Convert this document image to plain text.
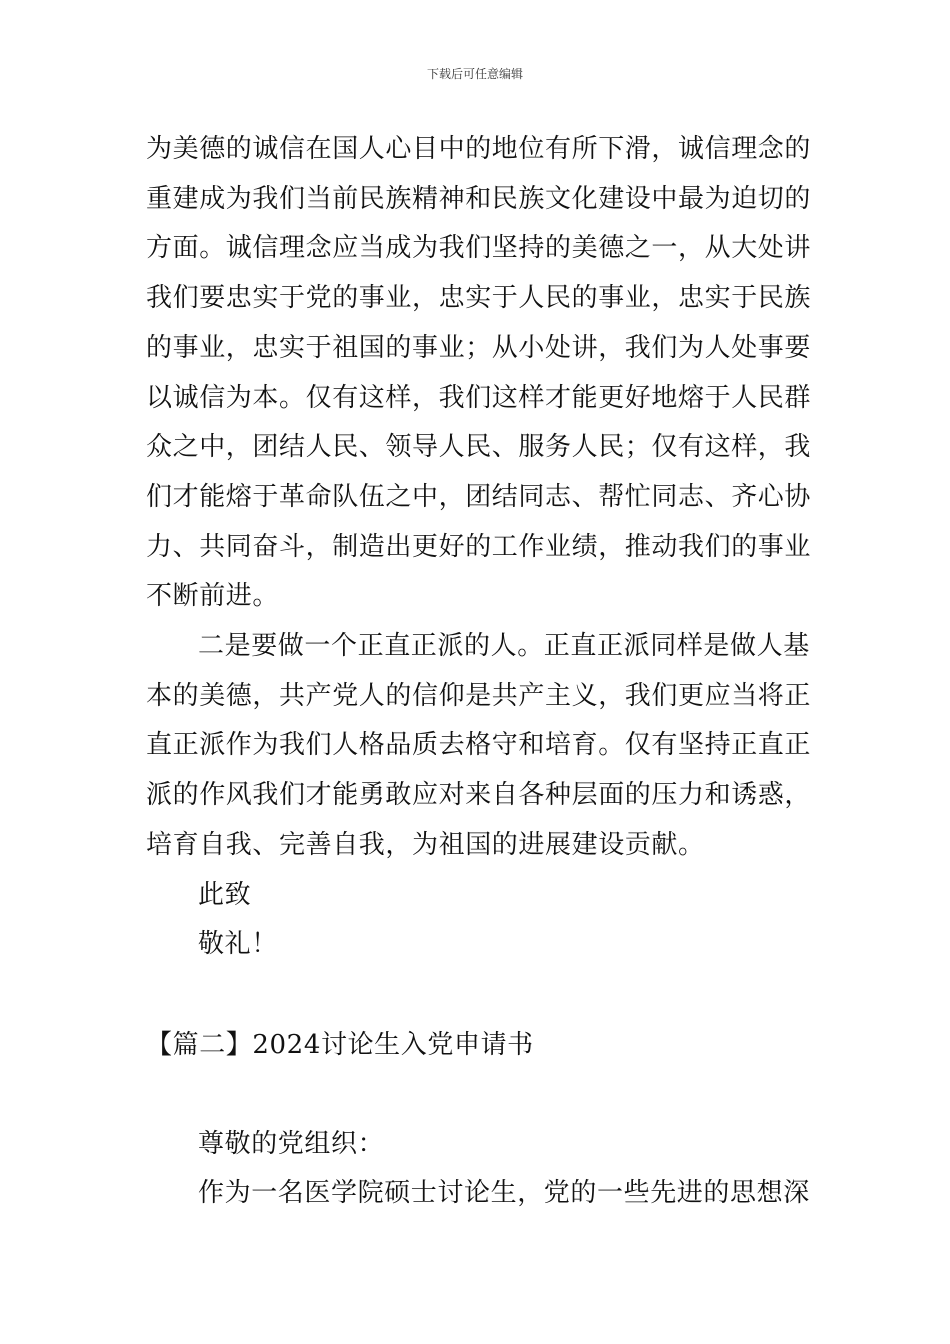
下载后可任意编辑
为美德的诚信在国人心目中的地位有所下滑，诚信理念的
重建成为我们当前民族精神和民族文化建设中最为迫切的
方面。诚信理念应当成为我们坚持的美德之一，从大处讲
我们要忠实于党的事业，忠实于人民的事业，忠实于民族
的事业，忠实于祖国的事业；从小处讲，我们为人处事要
以诚信为本。仅有这样，我们这样才能更好地熔于人民群
众之中，团结人民、领导人民、服务人民；仅有这样，我
们才能熔于革命队伍之中，团结同志、帮忙同志、齐心协
力、共同奋斗，制造出更好的工作业绩，推动我们的事业
不断前进。
二是要做一个正直正派的人。正直正派同样是做人基
本的美德，共产党人的信仰是共产主义，我们更应当将正
直正派作为我们人格品质去格守和培育。仅有坚持正直正
派的作风我们才能勇敢应对来自各种层面的压力和诱惑，
培育自我、完善自我，为祖国的进展建设贡献。
此致
敬礼！
【篇二】2024讨论生入党申请书
尊敬的党组织：
作为一名医学院硕士讨论生，党的一些先进的思想深
